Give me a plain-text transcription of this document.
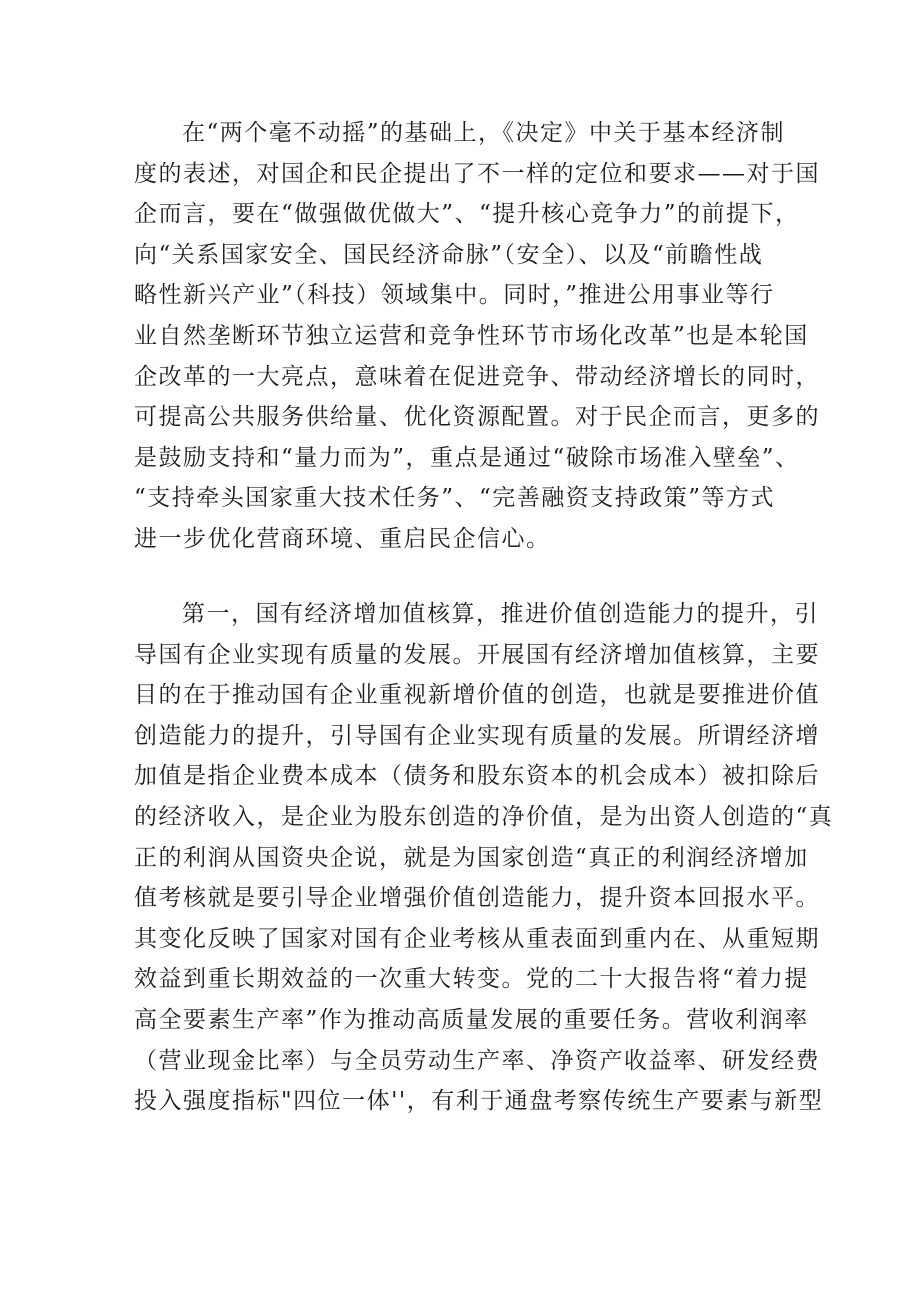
在“两个毫不动摇”的基础上，《决定》中关于基本经济制
度的表述，对国企和民企提出了不一样的定位和要求——对于国
企而言，要在“做强做优做大”、“提升核心竞争力”的前提下，
向“关系国家安全、国民经济命脉”（安全）、以及“前瞻性战
略性新兴产业”（科技）领域集中。同时，”推进公用事业等行
业自然垄断环节独立运营和竞争性环节市场化改革”也是本轮国
企改革的一大亮点，意味着在促进竞争、带动经济增长的同时，
可提高公共服务供给量、优化资源配置。对于民企而言，更多的
是鼓励支持和“量力而为”，重点是通过“破除市场准入壁垒”、
“支持牵头国家重大技术任务”、“完善融资支持政策”等方式
进一步优化营商环境、重启民企信心。
第一，国有经济增加值核算，推进价值创造能力的提升，引
导国有企业实现有质量的发展。开展国有经济增加值核算，主要
目的在于推动国有企业重视新增价值的创造，也就是要推进价值
创造能力的提升，引导国有企业实现有质量的发展。所谓经济增
加值是指企业费本成本（债务和股东资本的机会成本）被扣除后
的经济收入，是企业为股东创造的净价值，是为出资人创造的“真
正的利润从国资央企说，就是为国家创造“真正的利润经济增加
值考核就是要引导企业增强价值创造能力，提升资本回报水平。
其变化反映了国家对国有企业考核从重表面到重内在、从重短期
效益到重长期效益的一次重大转变。党的二十大报告将“着力提
高全要素生产率”作为推动高质量发展的重要任务。营收利润率
（营业现金比率）与全员劳动生产率、净资产收益率、研发经费
投入强度指标"四位一体''，有利于通盘考察传统生产要素与新型
